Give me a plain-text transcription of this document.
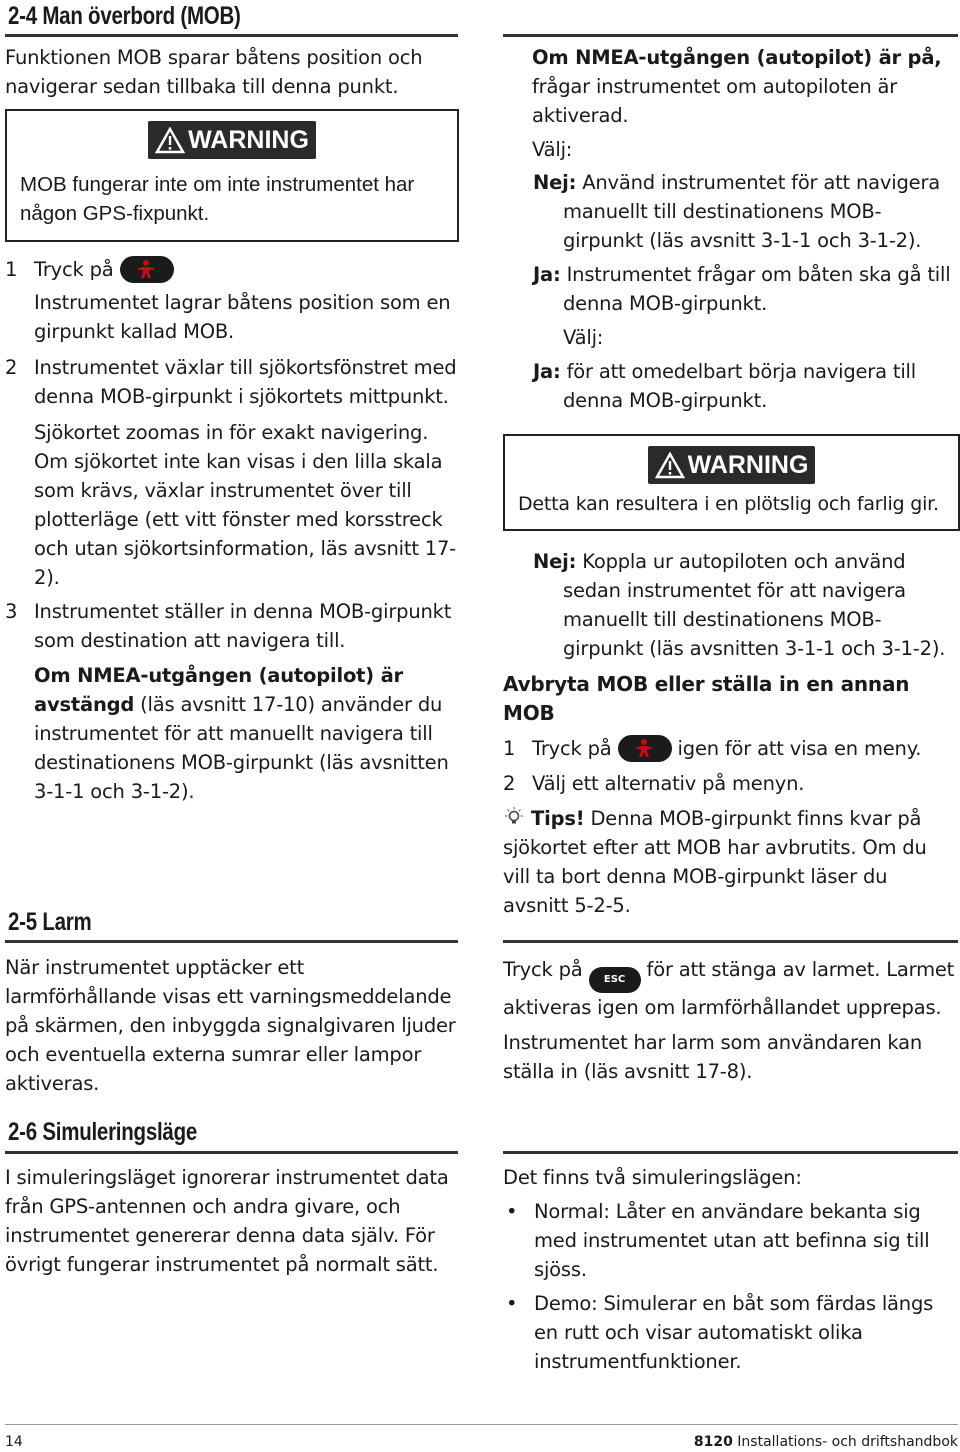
2-4 Man överbord (MOB)

Funktionen MOB sparar båtens position och navigerar sedan tillbaka till denna punkt.

WARNING

MOB fungerar inte om inte instrumentet har någon GPS-fixpunkt.

1 Tryck på

Instrumentet lagrar båtens position som en girpunkt kallad MOB.

2 Instrumentet växlar till sjökortsfönstret med denna MOB-girpunkt i sjökortets mittpunkt.

Sjökortet zoomas in för exakt navigering.

Om sjökortet inte kan visas i den lilla skala som krävs, växlar instrumentet över till plotterläge (ett vitt fönster med korsstreck och utan sjökortsinformation, läs avsnitt 17-2).

3 Instrumentet ställer in denna MOB-girpunkt som destination att navigera till.

Om NMEA-utgången (autopilot) är avstängd (läs avsnitt 17-10) använder du instrumentet för att manuellt navigera till destinationens MOB-girpunkt (läs avsnitten 3-1-1 och 3-1-2).

Om NMEA-utgången (autopilot) är på, frågar instrumentet om autopiloten är aktiverad.

Välj:

Nej: Använd instrumentet för att navigera manuellt till destinationens MOB-girpunkt (läs avsnitt 3-1-1 och 3-1-2).

Ja: Instrumentet frågar om båten ska gå till denna MOB-girpunkt.

Välj:

Ja: för att omedelbart börja navigera till denna MOB-girpunkt.

WARNING

Detta kan resultera i en plötslig och farlig gir.

Nej: Koppla ur autopiloten och använd sedan instrumentet för att navigera manuellt till destinationens MOB-girpunkt (läs avsnitten 3-1-1 och 3-1-2).

Avbryta MOB eller ställa in en annan MOB

1 Tryck på	igen för att visa en meny.
2 Välj ett alternativ på menyn.

Tips! Denna MOB-girpunkt finns kvar på sjökortet efter att MOB har avbrutits. Om du vill ta bort denna MOB-girpunkt läser du avsnitt 5-2-5.

2-5 Larm

När instrumentet upptäcker ett larmförhållande visas ett varningsmeddelande på skärmen, den inbyggda signalgivaren ljuder och eventuella externa sumrar eller lampor aktiveras.

Tryck på ESC för att stänga av larmet. Larmet aktiveras igen om larmförhållandet upprepas.

Instrumentet har larm som användaren kan ställa in (läs avsnitt 17-8).

2-6 Simuleringsläge

I simuleringsläget ignorerar instrumentet data från GPS-antennen och andra givare, och instrumentet genererar denna data själv. För övrigt fungerar instrumentet på normalt sätt.

Det finns två simuleringslägen:

• Normal: Låter en användare bekanta sig med instrumentet utan att befinna sig till sjöss.
• Demo: Simulerar en båt som färdas längs en rutt och visar automatiskt olika instrumentfunktioner.
14	8120 Installations- och driftshandbok
